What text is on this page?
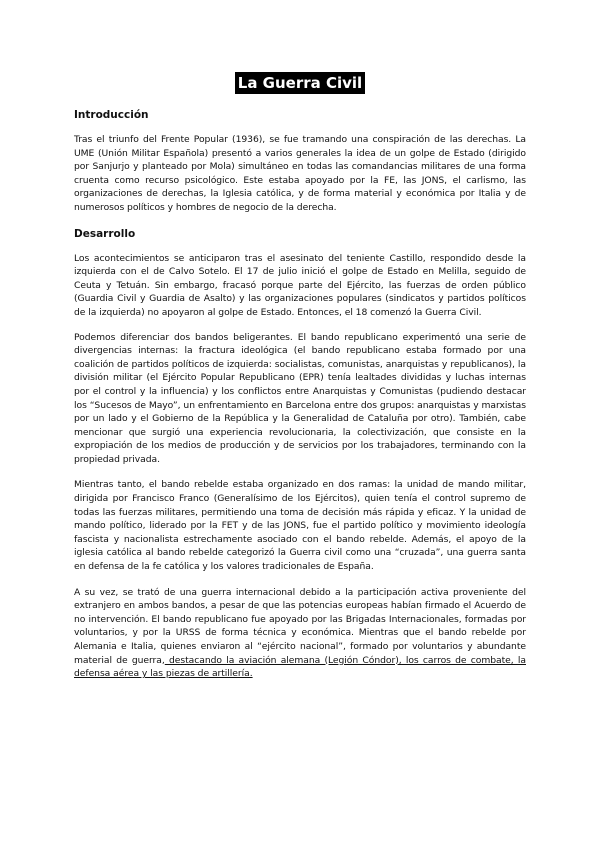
La Guerra Civil
Introducción

Tras el triunfo del Frente Popular (1936), se fue tramando una conspiración de las derechas. La UME (Unión Militar Española) presentó a varios generales la idea de un golpe de Estado (dirigido por Sanjurjo y planteado por Mola) simultáneo en todas las comandancias militares de una forma cruenta como recurso psicológico. Este estaba apoyado por la FE, las JONS, el carlismo, las organizaciones de derechas, la Iglesia católica, y de forma material y económica por Italia y de numerosos políticos y hombres de negocio de la derecha.

Desarrollo

Los acontecimientos se anticiparon tras el asesinato del teniente Castillo, respondido desde la izquierda con el de Calvo Sotelo. El 17 de julio inició el golpe de Estado en Melilla, seguido de Ceuta y Tetuán. Sin embargo, fracasó porque parte del Ejército, las fuerzas de orden público (Guardia Civil y Guardia de Asalto) y las organizaciones populares (sindicatos y partidos políticos de la izquierda) no apoyaron al golpe de Estado. Entonces, el 18 comenzó la Guerra Civil.

Podemos diferenciar dos bandos beligerantes. El bando republicano experimentó una serie de divergencias internas: la fractura ideológica (el bando republicano estaba formado por una coalición de partidos políticos de izquierda: socialistas, comunistas, anarquistas y republicanos), la división militar (el Ejército Popular Republicano (EPR) tenía lealtades divididas y luchas internas por el control y la influencia) y los conflictos entre Anarquistas y Comunistas (pudiendo destacar los “Sucesos de Mayo”, un enfrentamiento en Barcelona entre dos grupos: anarquistas y marxistas por un lado y el Gobierno de la República y la Generalidad de Cataluña por otro). También, cabe mencionar que surgió una experiencia revolucionaria, la colectivización, que consiste en la expropiación de los medios de producción y de servicios por los trabajadores, terminando con la propiedad privada.

Mientras tanto, el bando rebelde estaba organizado en dos ramas: la unidad de mando militar, dirigida por Francisco Franco (Generalísimo de los Ejércitos), quien tenía el control supremo de todas las fuerzas militares, permitiendo una toma de decisión más rápida y eficaz. Y la unidad de mando político, liderado por la FET y de las JONS, fue el partido político y movimiento ideología fascista y nacionalista estrechamente asociado con el bando rebelde. Además, el apoyo de la iglesia católica al bando rebelde categorizó la Guerra civil como una “cruzada”, una guerra santa en defensa de la fe católica y los valores tradicionales de España.

A su vez, se trató de una guerra internacional debido a la participación activa proveniente del extranjero en ambos bandos, a pesar de que las potencias europeas habían firmado el Acuerdo de no intervención. El bando republicano fue apoyado por las Brigadas Internacionales, formadas por voluntarios, y por la URSS de forma técnica y económica. Mientras que el bando rebelde por Alemania e Italia, quienes enviaron al “ejército nacional”, formado por voluntarios y abundante material de guerra, destacando la aviación alemana (Legión Cóndor), los carros de combate, la defensa aérea y las piezas de artillería.
